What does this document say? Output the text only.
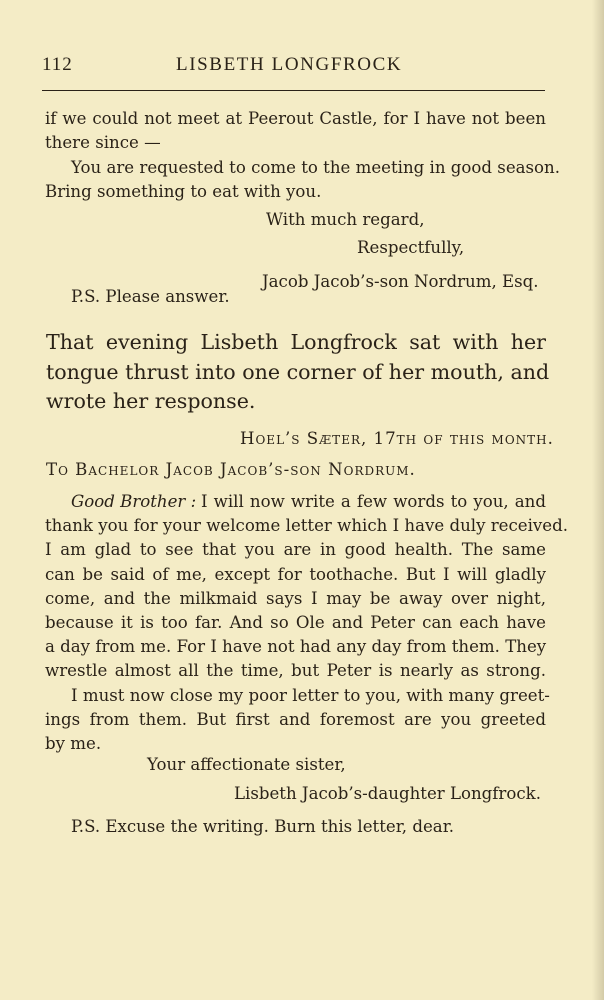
112	LISBETH LONGFROCK
if we could not meet at Peerout Castle, for I have not been
there since —
You are requested to come to the meeting in good season.
Bring something to eat with you.
With much regard,
Respectfully,
Jacob Jacob’s-son Nordrum, Esq.
P.S. Please answer.
That evening Lisbeth Longfrock sat with her
tongue thrust into one corner of her mouth, and
wrote her response.
Hoel’s Sæter, 17th of this month.
To Bachelor Jacob Jacob’s-son Nordrum.
Good Brother : I will now write a few words to you, and
thank you for your welcome letter which I have duly received.
I am glad to see that you are in good health. The same
can be said of me, except for toothache. But I will gladly
come, and the milkmaid says I may be away over night,
because it is too far. And so Ole and Peter can each have
a day from me. For I have not had any day from them. They
wrestle almost all the time, but Peter is nearly as strong.
I must now close my poor letter to you, with many greet-
ings from them. But first and foremost are you greeted
by me.
Your affectionate sister,
Lisbeth Jacob’s-daughter Longfrock.
P.S. Excuse the writing. Burn this letter, dear.
